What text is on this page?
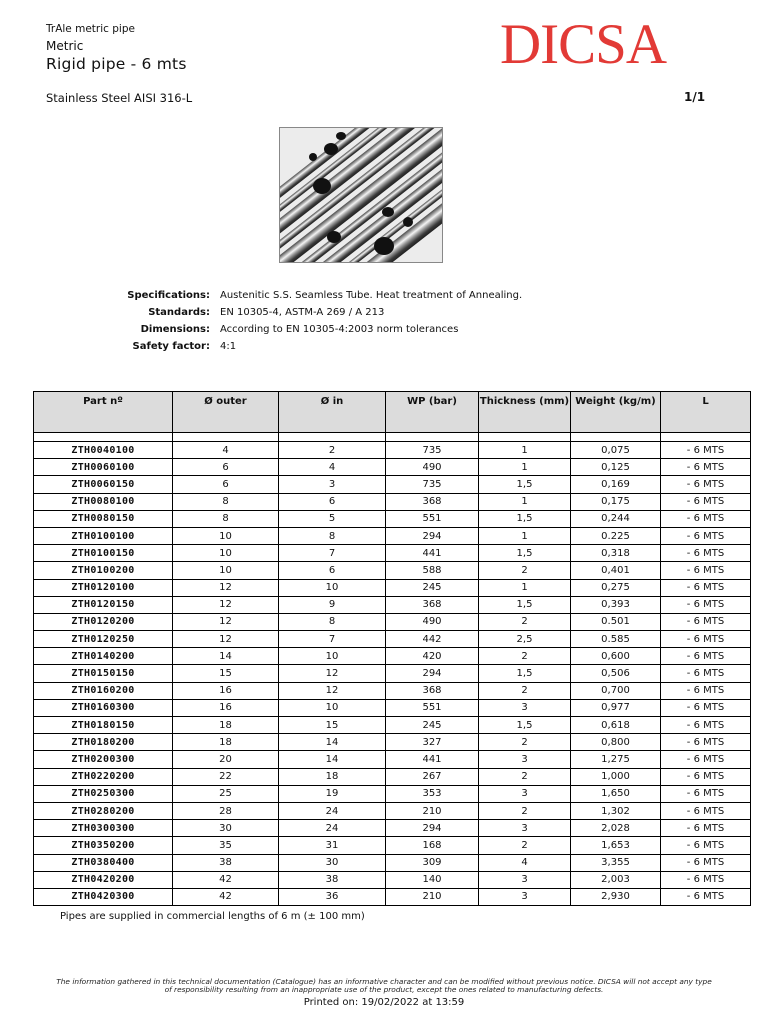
TrAle metric pipe
Metric
Rigid pipe - 6 mts
Stainless Steel AISI 316-L	1/1
DICSA
Specifications: Austenitic S.S. Seamless Tube. Heat treatment of Annealing.
Standards: EN 10305-4, ASTM-A 269 / A 213
Dimensions: According to EN 10305-4:2003 norm tolerances
Safety factor: 4:1
Part nº	Ø outer	Ø in	WP (bar)	Thickness (mm)	Weight (kg/m)	L

ZTH0040100	4	2	735	1	0,075	- 6 MTS
ZTH0060100	6	4	490	1	0,125	- 6 MTS
ZTH0060150	6	3	735	1,5	0,169	- 6 MTS
ZTH0080100	8	6	368	1	0,175	- 6 MTS
ZTH0080150	8	5	551	1,5	0,244	- 6 MTS
ZTH0100100	10	8	294	1	0.225	- 6 MTS
ZTH0100150	10	7	441	1,5	0,318	- 6 MTS
ZTH0100200	10	6	588	2	0,401	- 6 MTS
ZTH0120100	12	10	245	1	0,275	- 6 MTS
ZTH0120150	12	9	368	1,5	0,393	- 6 MTS
ZTH0120200	12	8	490	2	0.501	- 6 MTS
ZTH0120250	12	7	442	2,5	0.585	- 6 MTS
ZTH0140200	14	10	420	2	0,600	- 6 MTS
ZTH0150150	15	12	294	1,5	0,506	- 6 MTS
ZTH0160200	16	12	368	2	0,700	- 6 MTS
ZTH0160300	16	10	551	3	0,977	- 6 MTS
ZTH0180150	18	15	245	1,5	0,618	- 6 MTS
ZTH0180200	18	14	327	2	0,800	- 6 MTS
ZTH0200300	20	14	441	3	1,275	- 6 MTS
ZTH0220200	22	18	267	2	1,000	- 6 MTS
ZTH0250300	25	19	353	3	1,650	- 6 MTS
ZTH0280200	28	24	210	2	1,302	- 6 MTS
ZTH0300300	30	24	294	3	2,028	- 6 MTS
ZTH0350200	35	31	168	2	1,653	- 6 MTS
ZTH0380400	38	30	309	4	3,355	- 6 MTS
ZTH0420200	42	38	140	3	2,003	- 6 MTS
ZTH0420300	42	36	210	3	2,930	- 6 MTS
Pipes are supplied in commercial lengths of 6 m (± 100 mm)
The information gathered in this technical documentation (Catalogue) has an informative character and can be modified without previous notice. DICSA will not accept any type
of responsibility resulting from an inappropriate use of the product, except the ones related to manufacturing defects.
Printed on: 19/02/2022 at 13:59
